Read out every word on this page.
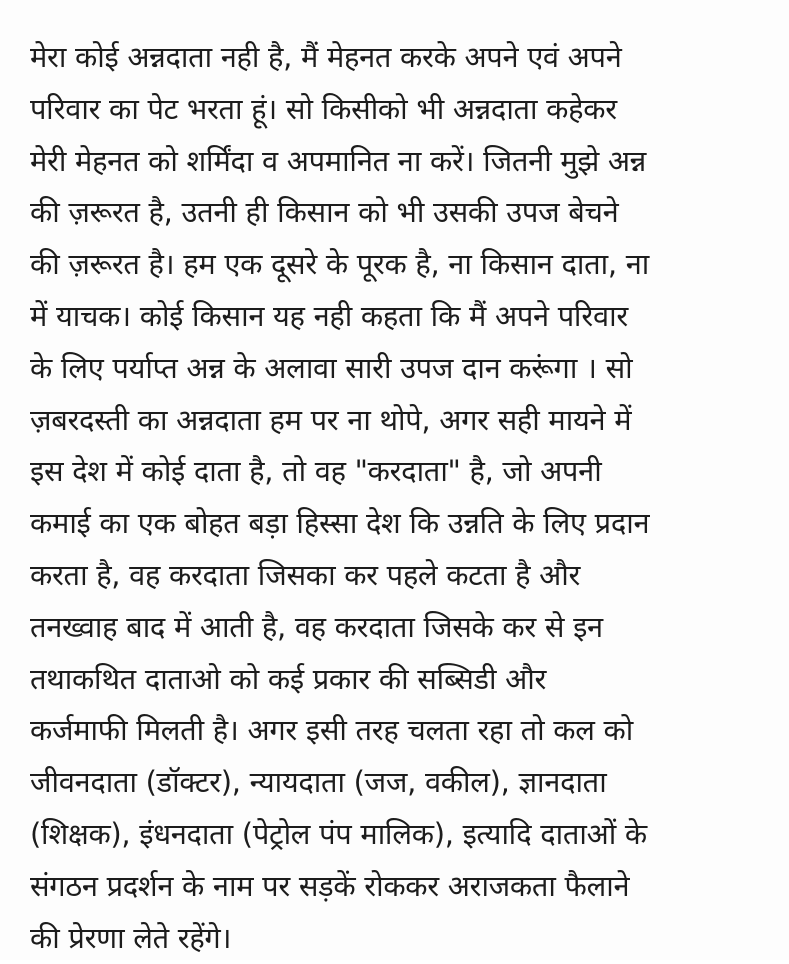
मेरा कोई अन्नदाता नही है, मैं मेहनत करके अपने एवं अपने
परिवार का पेट भरता हूं। सो किसीको भी अन्नदाता कहेकर
मेरी मेहनत को शर्मिंदा व अपमानित ना करें। जितनी मुझे अन्न
की ज़रूरत है, उतनी ही किसान को भी उसकी उपज बेचने
की ज़रूरत है। हम एक दूसरे के पूरक है, ना किसान दाता, ना
में याचक। कोई किसान यह नही कहता कि मैं अपने परिवार
के लिए पर्याप्त अन्न के अलावा सारी उपज दान करूंगा । सो
ज़बरदस्ती का अन्नदाता हम पर ना थोपे, अगर सही मायने में
इस देश में कोई दाता है, तो वह "करदाता" है, जो अपनी
कमाई का एक बोहत बड़ा हिस्सा देश कि उन्नति के लिए प्रदान
करता है, वह करदाता जिसका कर पहले कटता है और
तनख्वाह बाद में आती है, वह करदाता जिसके कर से इन
तथाकथित दाताओ को कई प्रकार की सब्सिडी और
कर्जमाफी मिलती है। अगर इसी तरह चलता रहा तो कल को
जीवनदाता (डॉक्टर), न्यायदाता (जज, वकील), ज्ञानदाता
(शिक्षक), इंधनदाता (पेट्रोल पंप मालिक), इत्यादि दाताओं के
संगठन प्रदर्शन के नाम पर सड़कें रोककर अराजकता फैलाने
की प्रेरणा लेते रहेंगे।
